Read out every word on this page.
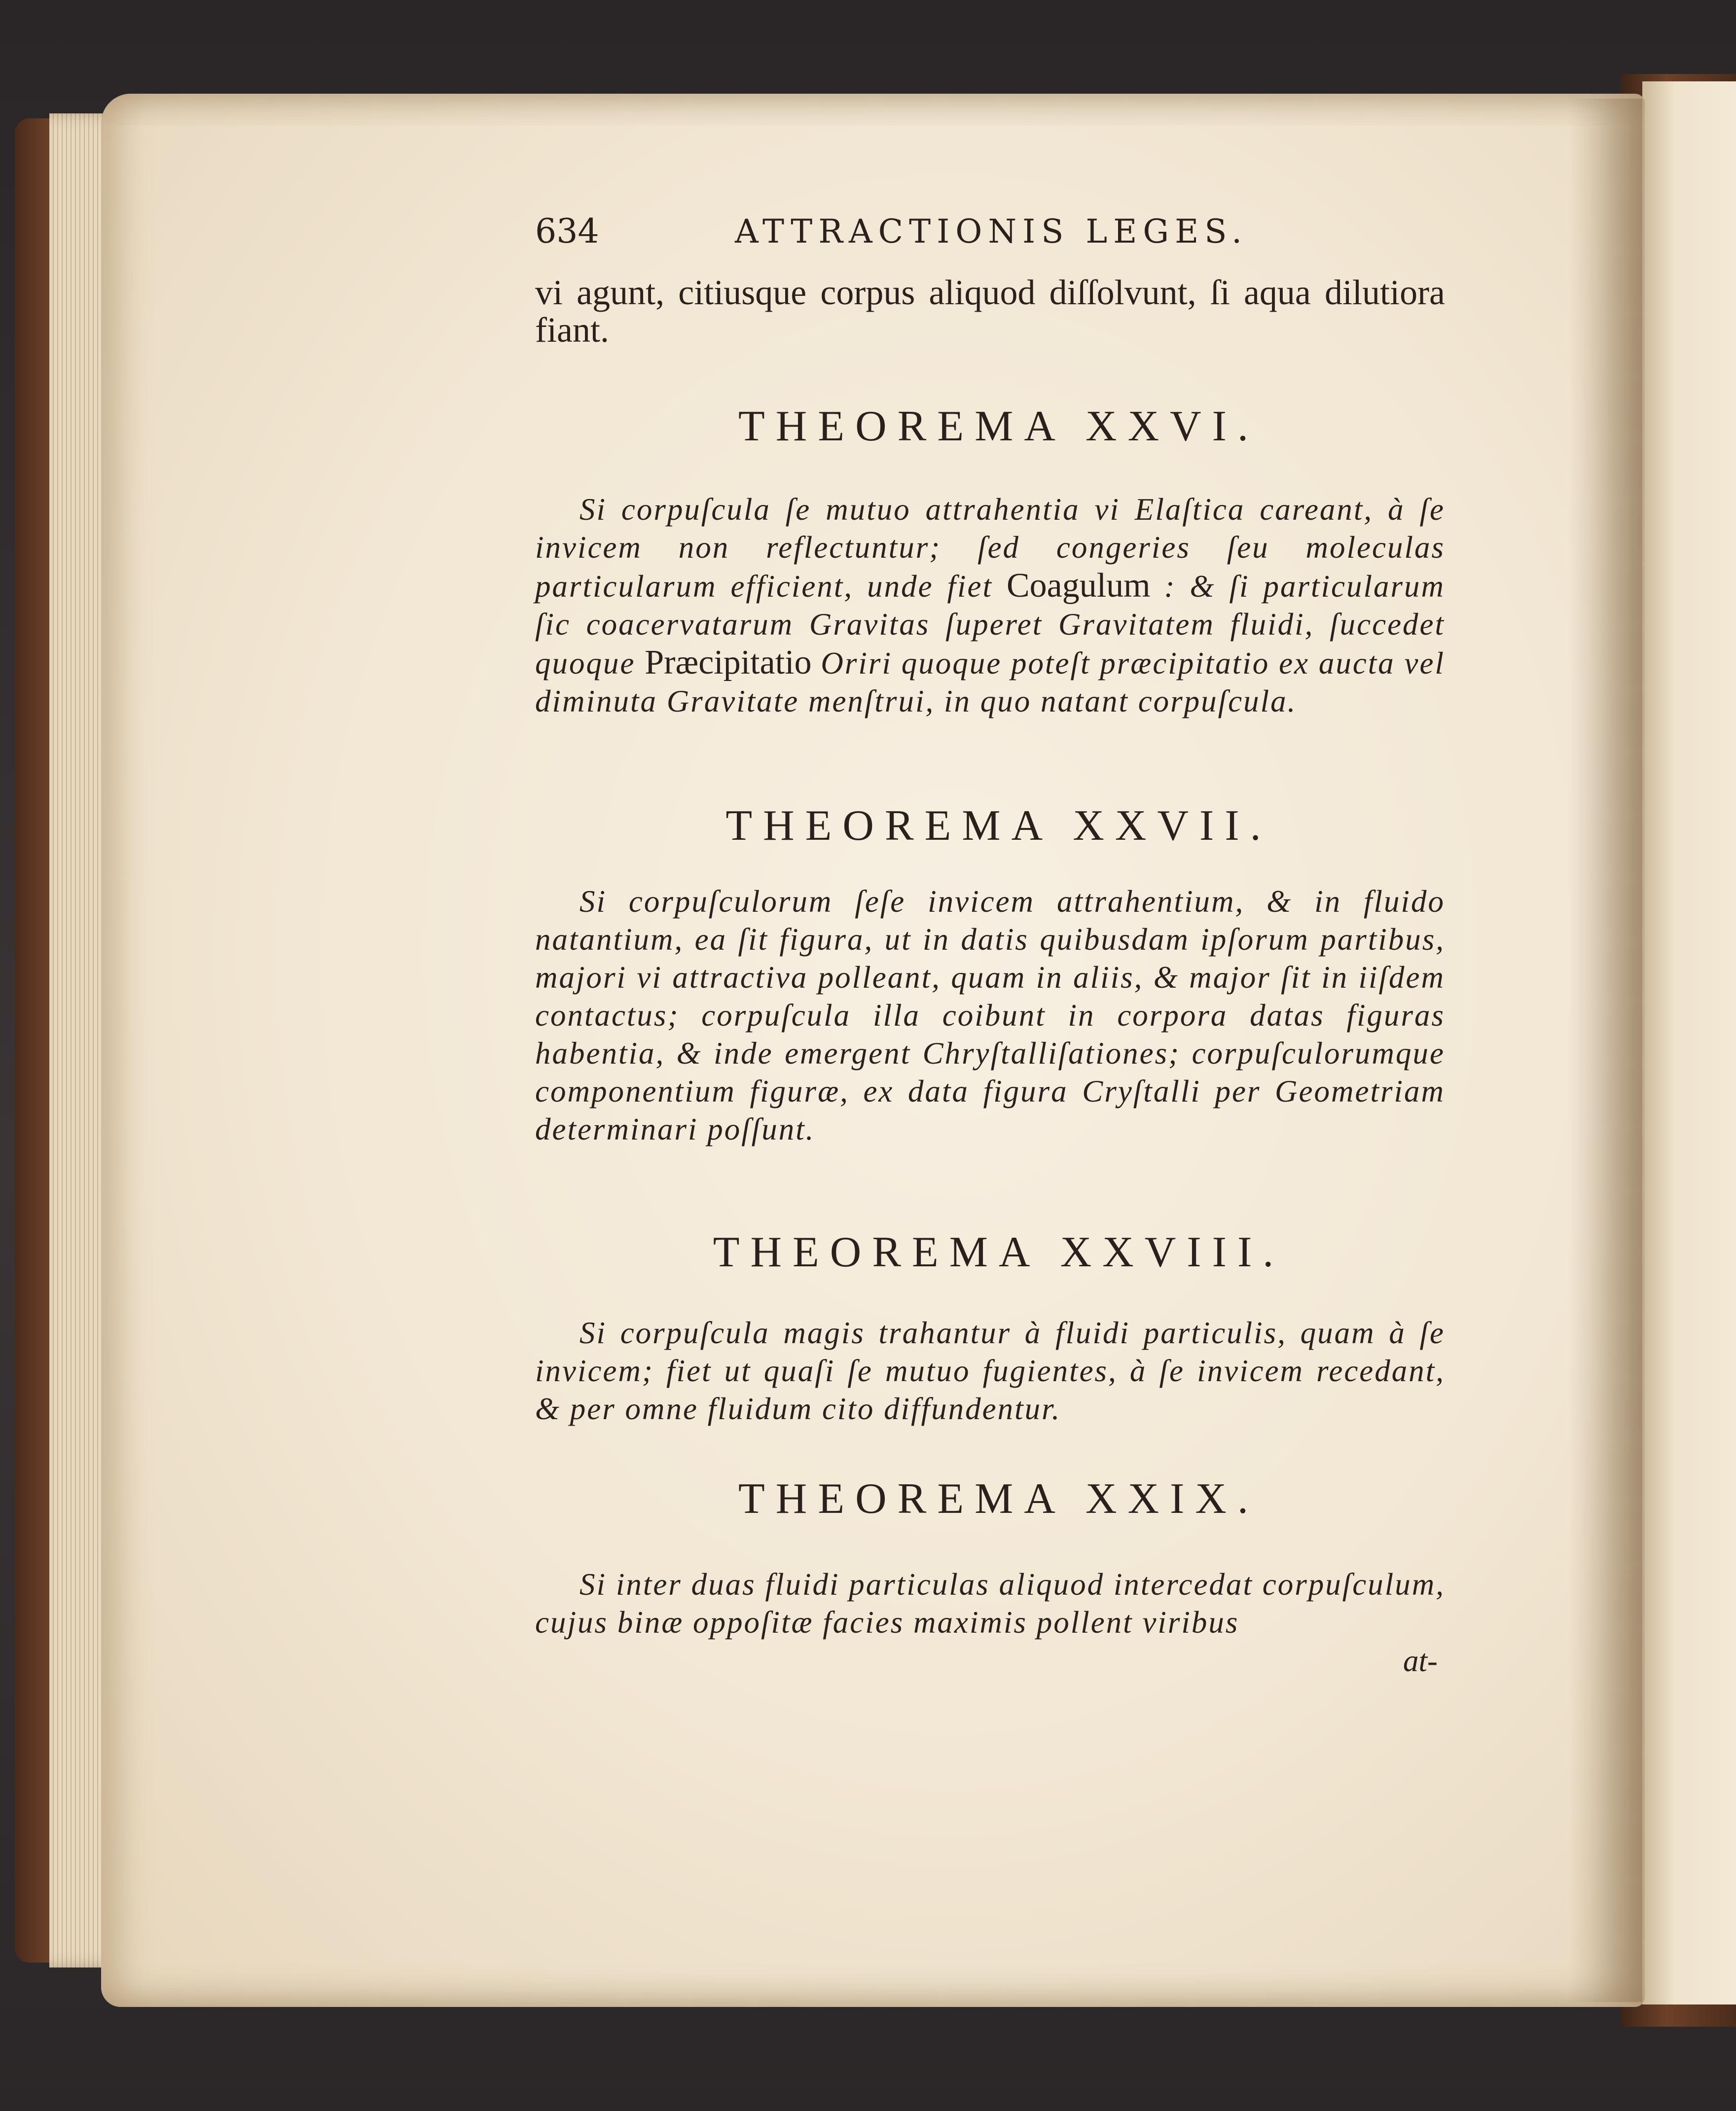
634	ATTRACTIONIS LEGES.
vi agunt, citiusque corpus aliquod diſſolvunt, ſi aqua dilutiora fiant.
THEOREMA XXVI.
Si corpuſcula ſe mutuo attrahentia vi Elaſtica careant, à ſe invicem non reflectuntur; ſed congeries ſeu moleculas particularum efficient, unde fiet Coagulum : & ſi particularum ſic coacervatarum Gravitas ſuperet Gravitatem fluidi, ſuccedet quoque Præcipitatio Oriri quoque poteſt præcipitatio ex aucta vel diminuta Gravitate menſtrui, in quo natant corpuſcula.
THEOREMA XXVII.
Si corpuſculorum ſeſe invicem attrahentium, & in fluido natantium, ea ſit figura, ut in datis quibusdam ipſorum partibus, majori vi attractiva polleant, quam in aliis, & major ſit in iiſdem contactus; corpuſcula illa coibunt in corpora datas figuras habentia, & inde emergent Chryſtalliſationes; corpuſculorumque componentium figuræ, ex data figura Cryſtalli per Geometriam determinari poſſunt.
THEOREMA XXVIII.
Si corpuſcula magis trahantur à fluidi particulis, quam à ſe invicem; fiet ut quaſi ſe mutuo fugientes, à ſe invicem recedant, & per omne fluidum cito diffundentur.
THEOREMA XXIX.
Si inter duas fluidi particulas aliquod intercedat corpuſculum, cujus binæ oppoſitæ facies maximis pollent viribus
at-
